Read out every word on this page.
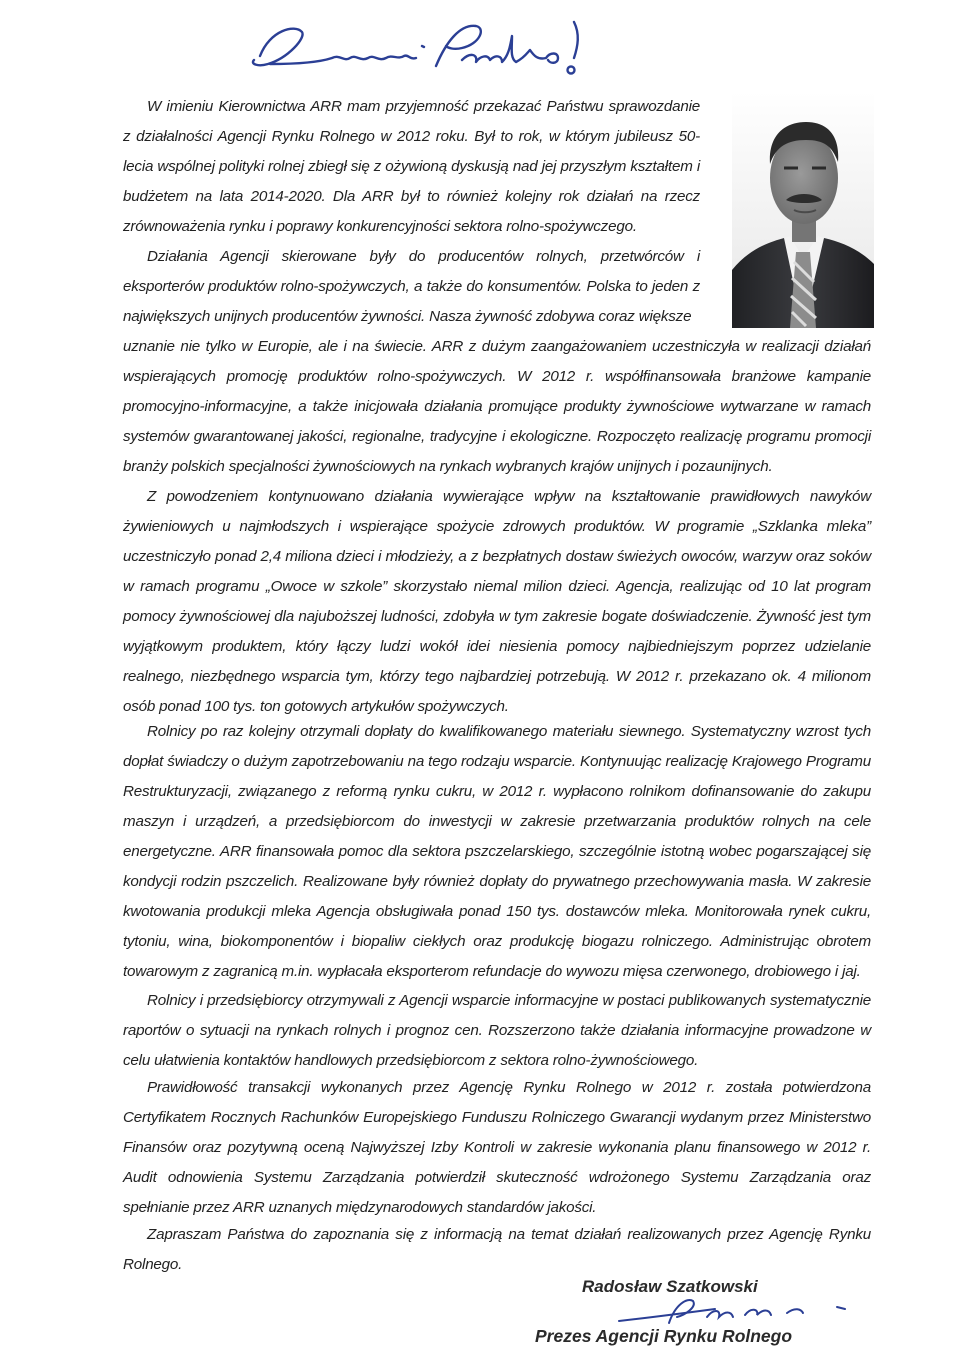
W imieniu Kierownictwa ARR mam przyjemność przekazać Państwu sprawozdanie z działalności Agencji Rynku Rolnego w 2012 roku. Był to rok, w którym jubileusz 50-lecia wspólnej polityki rolnej zbiegł się z ożywioną dyskusją nad jej przyszłym kształtem i budżetem na lata 2014-2020. Dla ARR był to również kolejny rok działań na rzecz zrównoważenia rynku i poprawy konkurencyjności sektora rolno-spożywczego.

Działania Agencji skierowane były do producentów rolnych, przetwórców i eksporterów produktów rolno-spożywczych, a także do konsumentów. Polska to jeden z największych unijnych producentów żywności. Nasza żywność zdobywa coraz większe

uznanie nie tylko w Europie, ale i na świecie. ARR z dużym zaangażowaniem uczestniczyła w realizacji działań wspierających promocję produktów rolno-spożywczych. W 2012 r. współfinansowała branżowe kampanie promocyjno-informacyjne, a także inicjowała działania promujące produkty żywnościowe wytwarzane w ramach systemów gwarantowanej jakości, regionalne, tradycyjne i ekologiczne. Rozpoczęto realizację programu promocji branży polskich specjalności żywnościowych na rynkach wybranych krajów unijnych i pozaunijnych.

Z powodzeniem kontynuowano działania wywierające wpływ na kształtowanie prawidłowych nawyków żywieniowych u najmłodszych i wspierające spożycie zdrowych produktów. W programie „Szklanka mleka” uczestniczyło ponad 2,4 miliona dzieci i młodzieży, a z bezpłatnych dostaw świeżych owoców, warzyw oraz soków w ramach programu „Owoce w szkole” skorzystało niemal milion dzieci. Agencja, realizując od 10 lat program pomocy żywnościowej dla najuboższej ludności, zdobyła w tym zakresie bogate doświadczenie. Żywność jest tym wyjątkowym produktem, który łączy ludzi wokół idei niesienia pomocy najbiedniejszym poprzez udzielanie realnego, niezbędnego wsparcia tym, którzy tego najbardziej potrzebują. W 2012 r. przekazano ok. 4 milionom osób ponad 100 tys. ton gotowych artykułów spożywczych.

Rolnicy po raz kolejny otrzymali dopłaty do kwalifikowanego materiału siewnego. Systematyczny wzrost tych dopłat świadczy o dużym zapotrzebowaniu na tego rodzaju wsparcie. Kontynuując realizację Krajowego Programu Restrukturyzacji, związanego z reformą rynku cukru, w 2012 r. wypłacono rolnikom dofinansowanie do zakupu maszyn i urządzeń, a przedsiębiorcom do inwestycji w zakresie przetwarzania produktów rolnych na cele energetyczne. ARR finansowała pomoc dla sektora pszczelarskiego, szczególnie istotną wobec pogarszającej się kondycji rodzin pszczelich. Realizowane były również dopłaty do prywatnego przechowywania masła. W zakresie kwotowania produkcji mleka Agencja obsługiwała ponad 150 tys. dostawców mleka. Monitorowała rynek cukru, tytoniu, wina, biokomponentów i biopaliw ciekłych oraz produkcję biogazu rolniczego. Administrując obrotem towarowym z zagranicą m.in. wypłacała eksporterom refundacje do wywozu mięsa czerwonego, drobiowego i jaj.

Rolnicy i przedsiębiorcy otrzymywali z Agencji wsparcie informacyjne w postaci publikowanych systematycznie raportów o sytuacji na rynkach rolnych i prognoz cen. Rozszerzono także działania informacyjne prowadzone w celu ułatwienia kontaktów handlowych przedsiębiorcom z sektora rolno-żywnościowego.

Prawidłowość transakcji wykonanych przez Agencję Rynku Rolnego w 2012 r. została potwierdzona Certyfikatem Rocznych Rachunków Europejskiego Funduszu Rolniczego Gwarancji wydanym przez Ministerstwo Finansów oraz pozytywną oceną Najwyższej Izby Kontroli w zakresie wykonania planu finansowego w 2012 r. Audit odnowienia Systemu Zarządzania potwierdził skuteczność wdrożonego Systemu Zarządzania oraz spełnianie przez ARR uznanych międzynarodowych standardów jakości.

Zapraszam Państwa do zapoznania się z informacją na temat działań realizowanych przez Agencję Rynku Rolnego.

Radosław Szatkowski
Prezes Agencji Rynku Rolnego
